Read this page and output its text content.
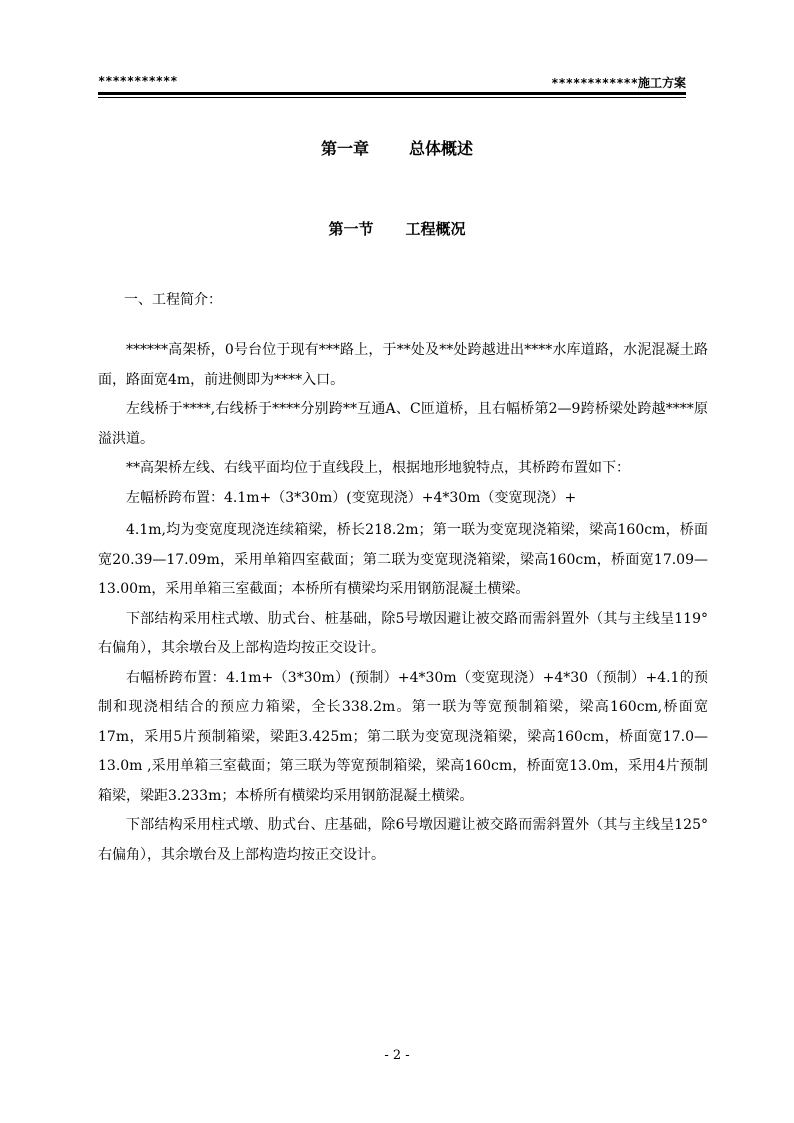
***********	************施工方案
第一章	总体概述
第一节 工程概况
一、工程简介：

******高架桥，0号台位于现有***路上，于**处及**处跨越进出****水库道路，水泥混凝土路面，路面宽4m，前进侧即为****入口。

左线桥于****,右线桥于****分别跨**互通A、C匝道桥，且右幅桥第2—9跨桥梁处跨越****原溢洪道。

**高架桥左线、右线平面均位于直线段上，根据地形地貌特点，其桥跨布置如下：

左幅桥跨布置：4.1m+（3*30m）(变宽现浇）+4*30m（变宽现浇）+

4.1m,均为变宽度现浇连续箱梁，桥长218.2m；第一联为变宽现浇箱梁，梁高160cm，桥面宽20.39—17.09m，采用单箱四室截面；第二联为变宽现浇箱梁，梁高160cm，桥面宽17.09—13.00m，采用单箱三室截面；本桥所有横梁均采用钢筋混凝土横梁。

下部结构采用柱式墩、肋式台、桩基础，除5号墩因避让被交路而需斜置外（其与主线呈119°右偏角），其余墩台及上部构造均按正交设计。

右幅桥跨布置：4.1m+（3*30m）(预制）+4*30m（变宽现浇）+4*30（预制）+4.1的预制和现浇相结合的预应力箱梁，全长338.2m。第一联为等宽预制箱梁，梁高160cm,桥面宽17m，采用5片预制箱梁，梁距3.425m；第二联为变宽现浇箱梁，梁高160cm，桥面宽17.0—13.0m ,采用单箱三室截面；第三联为等宽预制箱梁，梁高160cm，桥面宽13.0m，采用4片预制箱梁，梁距3.233m；本桥所有横梁均采用钢筋混凝土横梁。

下部结构采用柱式墩、肋式台、庄基础，除6号墩因避让被交路而需斜置外（其与主线呈125°右偏角），其余墩台及上部构造均按正交设计。

- 2 -
